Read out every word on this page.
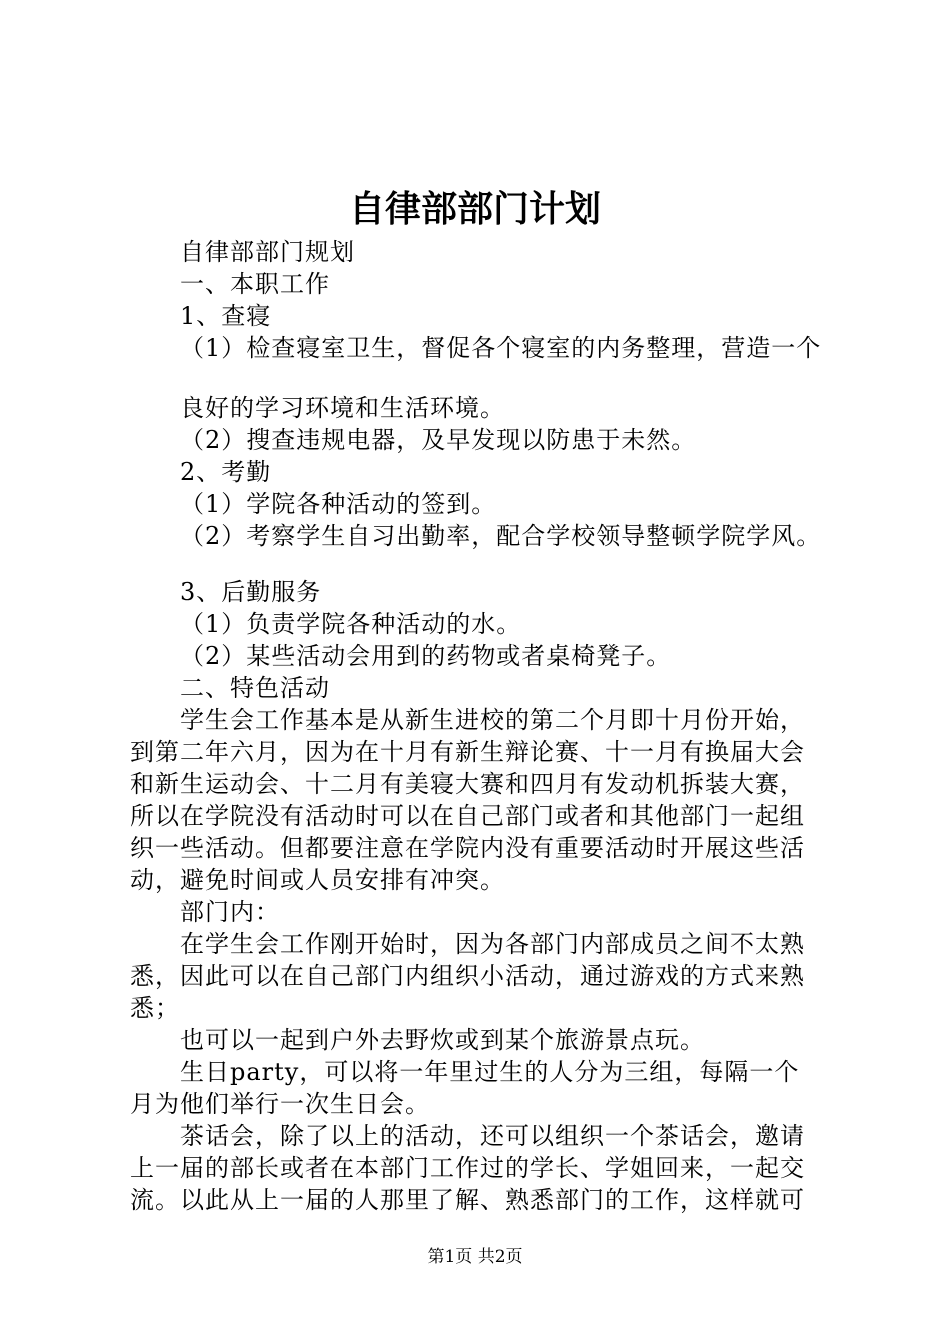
自律部部门计划

自律部部门规划

一、本职工作

1、查寝

（1）检查寝室卫生，督促各个寝室的内务整理，营造一个

良好的学习环境和生活环境。

（2）搜查违规电器，及早发现以防患于未然。

2、考勤

（1）学院各种活动的签到。

（2）考察学生自习出勤率，配合学校领导整顿学院学风。

3、后勤服务

（1）负责学院各种活动的水。

（2）某些活动会用到的药物或者桌椅凳子。

二、特色活动

学生会工作基本是从新生进校的第二个月即十月份开始，

到第二年六月，因为在十月有新生辩论赛、十一月有换届大会

和新生运动会、十二月有美寝大赛和四月有发动机拆装大赛，

所以在学院没有活动时可以在自己部门或者和其他部门一起组

织一些活动。但都要注意在学院内没有重要活动时开展这些活

动，避免时间或人员安排有冲突。

部门内：

在学生会工作刚开始时，因为各部门内部成员之间不太熟

悉，因此可以在自己部门内组织小活动，通过游戏的方式来熟

悉；

也可以一起到户外去野炊或到某个旅游景点玩。

生日party，可以将一年里过生的人分为三组，每隔一个

月为他们举行一次生日会。

茶话会，除了以上的活动，还可以组织一个茶话会，邀请

上一届的部长或者在本部门工作过的学长、学姐回来，一起交

流。以此从上一届的人那里了解、熟悉部门的工作，这样就可

第1页 共2页
